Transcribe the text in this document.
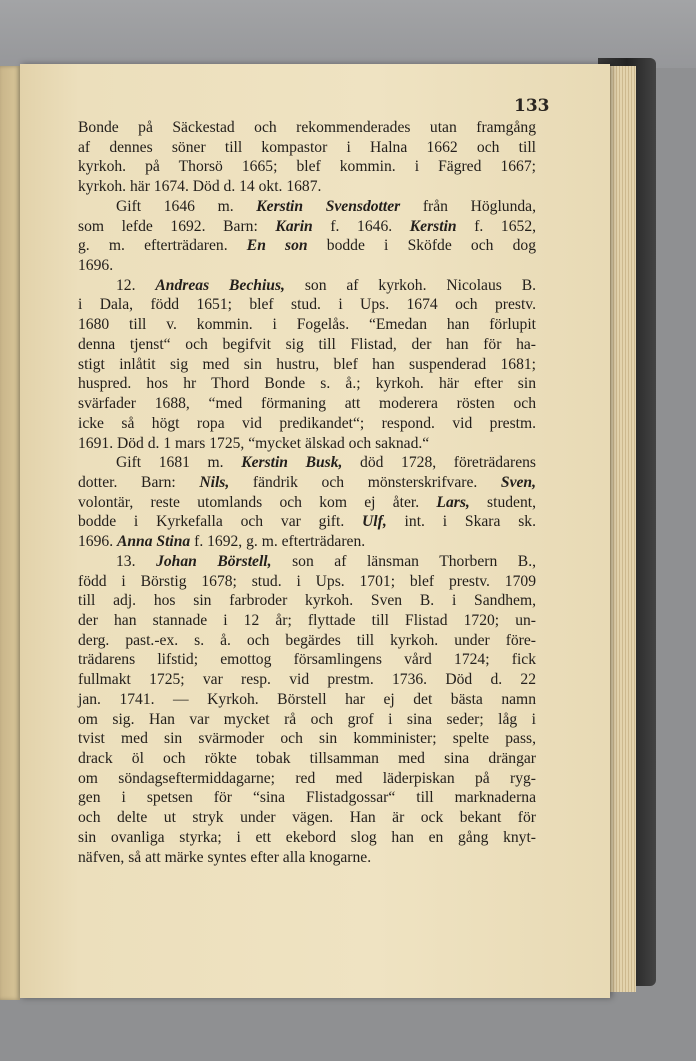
133

Bonde på Säckestad och rekommenderades utan framgång
af dennes söner till kompastor i Halna 1662 och till
kyrkoh. på Thorsö 1665; blef kommin. i Fägred 1667;
kyrkoh. här 1674. Död d. 14 okt. 1687.
Gift 1646 m. Kerstin Svensdotter från Höglunda,
som lefde 1692. Barn: Karin f. 1646. Kerstin f. 1652,
g. m. efterträdaren. En son bodde i Sköfde och dog
1696.
12. Andreas Bechius, son af kyrkoh. Nicolaus B.
i Dala, född 1651; blef stud. i Ups. 1674 och prestv.
1680 till v. kommin. i Fogelås. “Emedan han förlupit
denna tjenst“ och begifvit sig till Flistad, der han för ha-
stigt inlåtit sig med sin hustru, blef han suspenderad 1681;
huspred. hos hr Thord Bonde s. å.; kyrkoh. här efter sin
svärfader 1688, “med förmaning att moderera rösten och
icke så högt ropa vid predikandet“; respond. vid prestm.
1691. Död d. 1 mars 1725, “mycket älskad och saknad.“
Gift 1681 m. Kerstin Busk, död 1728, företrädarens
dotter. Barn: Nils, fändrik och mönsterskrifvare. Sven,
volontär, reste utomlands och kom ej åter. Lars, student,
bodde i Kyrkefalla och var gift. Ulf, int. i Skara sk.
1696. Anna Stina f. 1692, g. m. efterträdaren.
13. Johan Börstell, son af länsman Thorbern B.,
född i Börstig 1678; stud. i Ups. 1701; blef prestv. 1709
till adj. hos sin farbroder kyrkoh. Sven B. i Sandhem,
der han stannade i 12 år; flyttade till Flistad 1720; un-
derg. past.-ex. s. å. och begärdes till kyrkoh. under före-
trädarens lifstid; emottog församlingens vård 1724; fick
fullmakt 1725; var resp. vid prestm. 1736. Död d. 22
jan. 1741. — Kyrkoh. Börstell har ej det bästa namn
om sig. Han var mycket rå och grof i sina seder; låg i
tvist med sin svärmoder och sin komminister; spelte pass,
drack öl och rökte tobak tillsamman med sina drängar
om söndagseftermiddagarne; red med läderpiskan på ryg-
gen i spetsen för “sina Flistadgossar“ till marknaderna
och delte ut stryk under vägen. Han är ock bekant för
sin ovanliga styrka; i ett ekebord slog han en gång knyt-
näfven, så att märke syntes efter alla knogarne.
